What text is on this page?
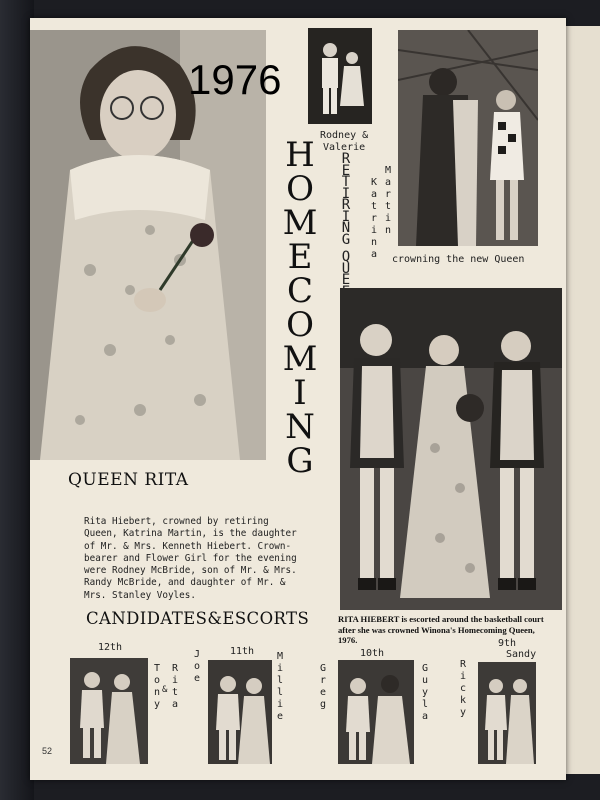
1976
H
O
M
E
C
O
M
I
N
G
Rodney &
Valerie
R
E
T
I
R
I
N
G
Q
U
E
K
a
t
r
i
n
a
M
a
r
t
i
n
crowning the new Queen
QUEEN RITA
Rita Hiebert, crowned by retiring
Queen, Katrina Martin, is the daughter
of Mr. & Mrs. Kenneth Hiebert. Crown-
bearer and Flower Girl for the evening
were Rodney McBride, son of Mr. & Mrs.
Randy McBride, and daughter of Mr. &
Mrs. Stanley Voyles.
CANDIDATES&ESCORTS	RITA HIEBERT is escorted around the basketball court
after she was crowned Winona's Homecoming Queen,
1976.
12th	11th	10th
9th
Sandy
T
o
n
y
&
R
i
t
a
J
o
e
M
i
l
l
i
e
G
r
e
g
G
u
y
l
a
R
i
c
k
y
52
